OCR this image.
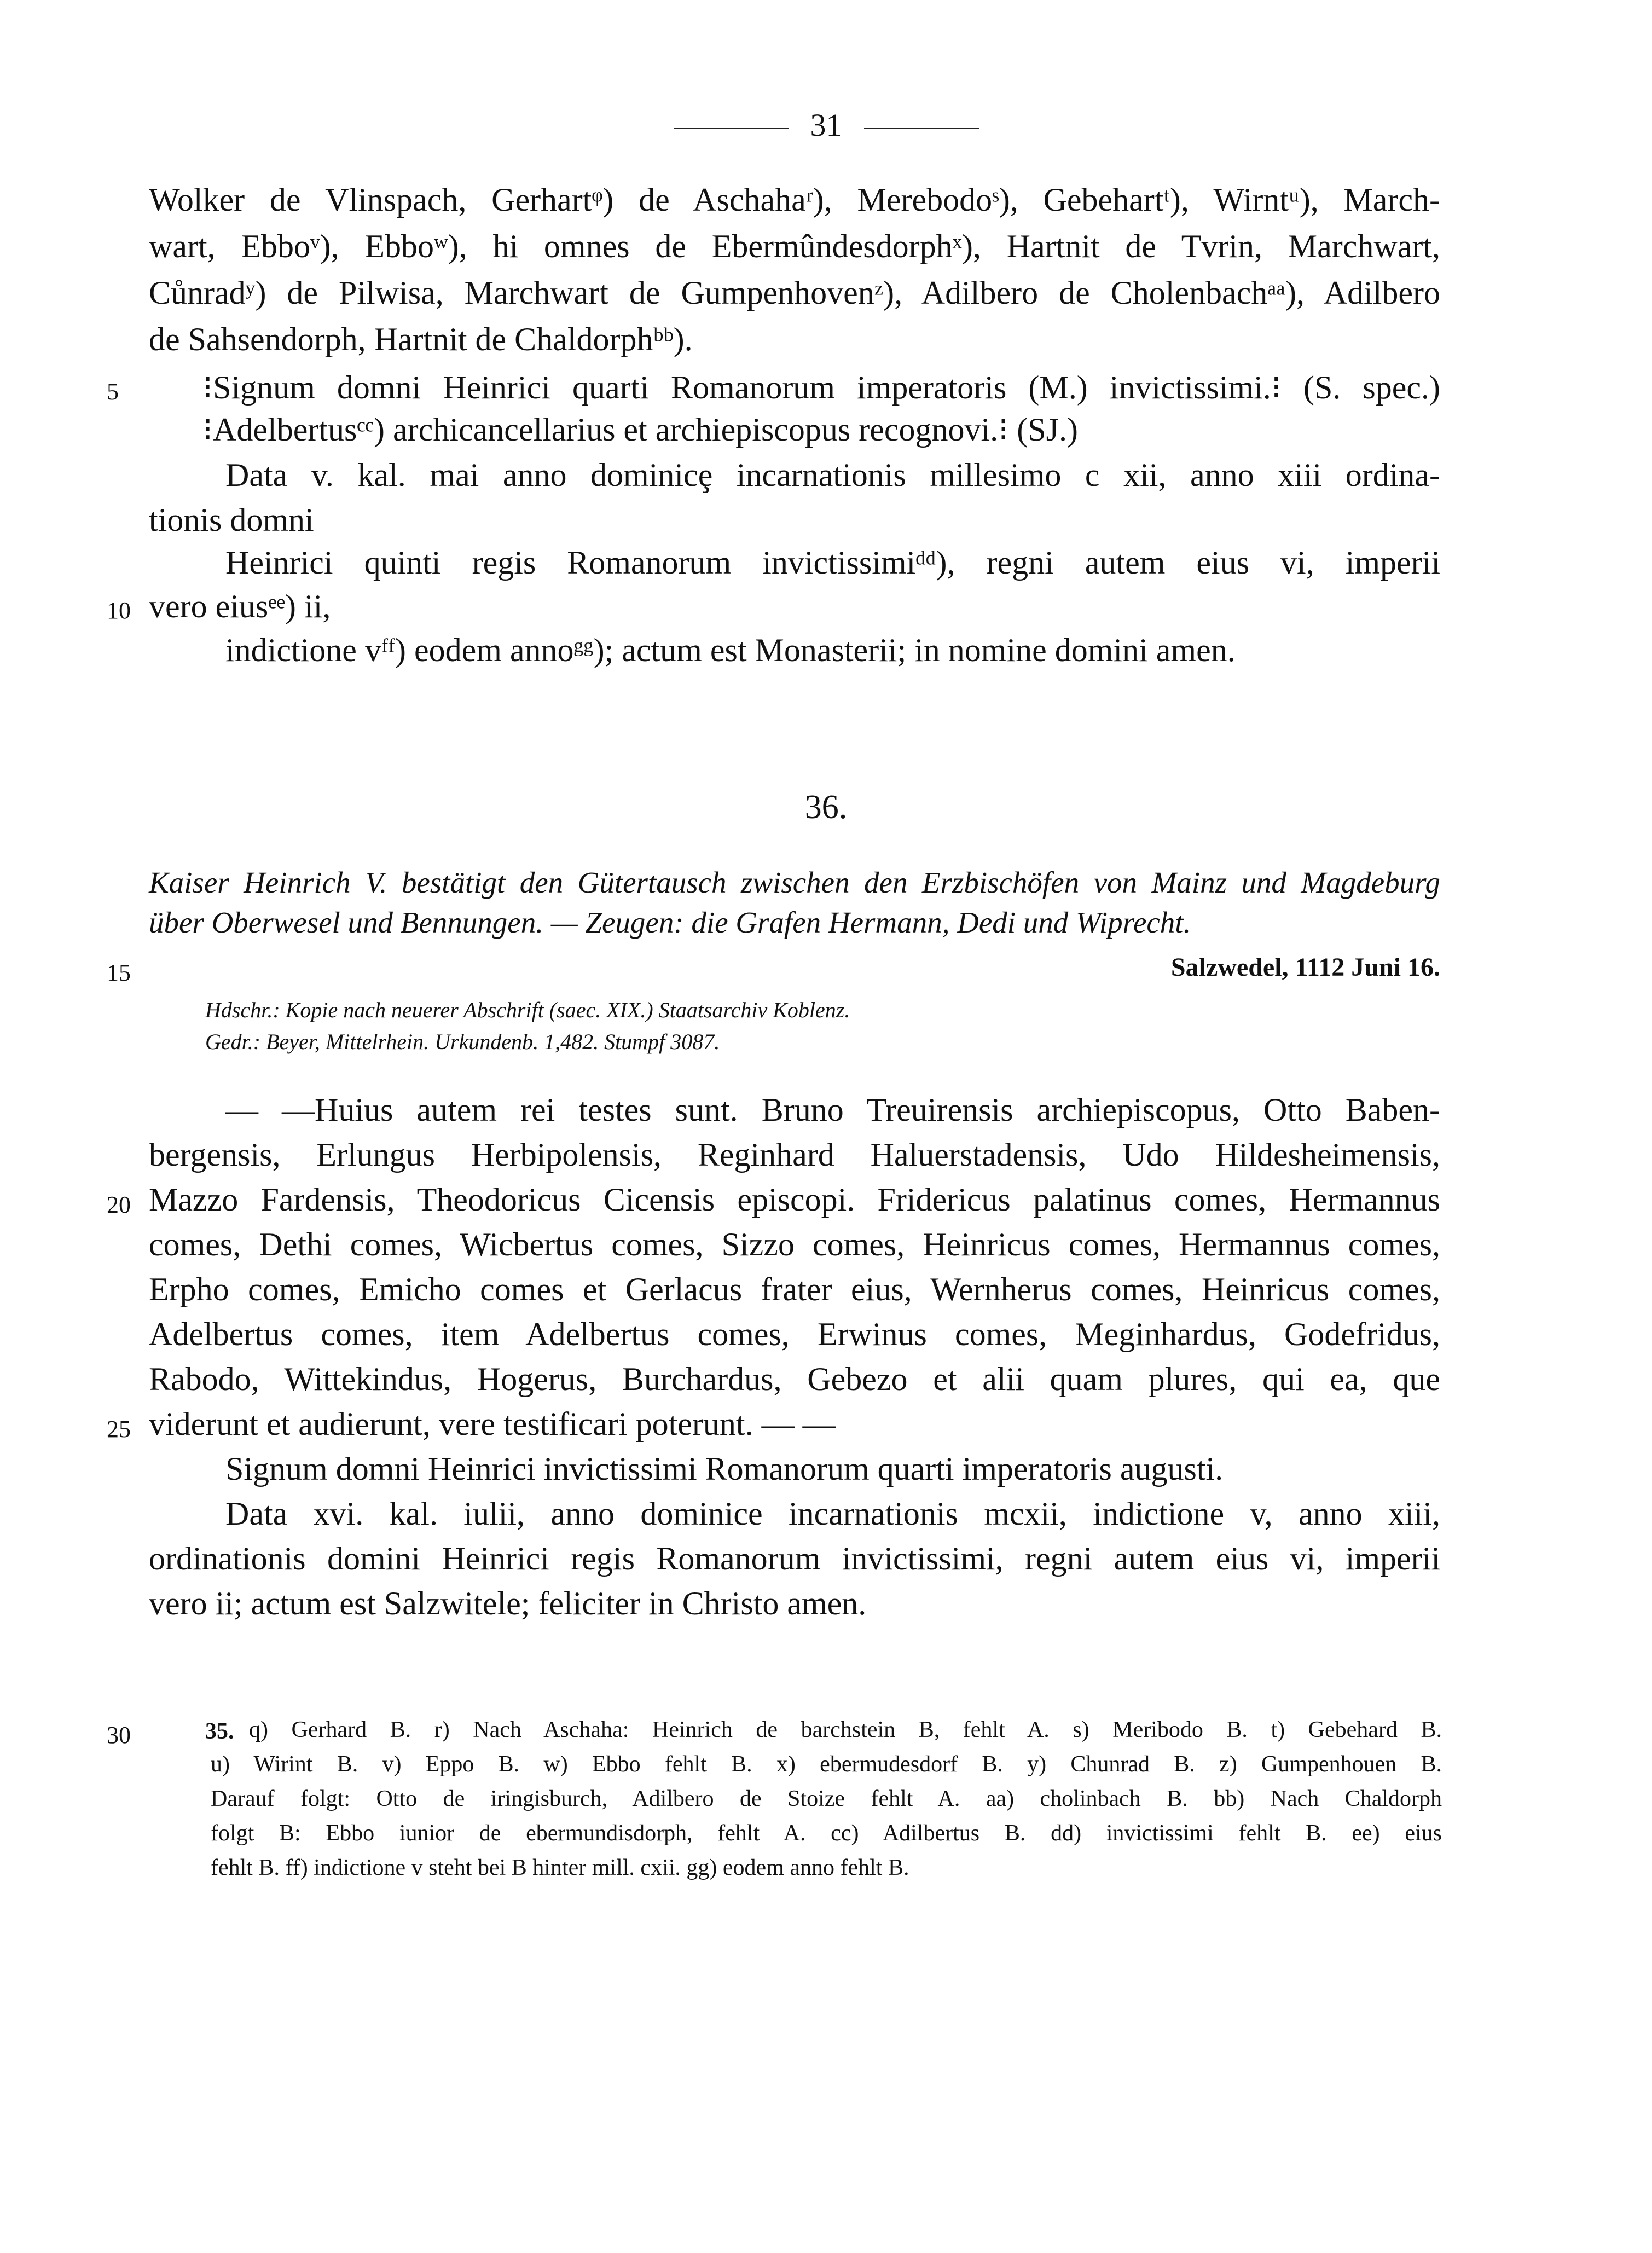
31
Wolker de Vlinspach, Gerhartᵠ) de Aschahaʳ), Merebodoˢ), Gebehartᵗ), Wirntᵘ), March-
wart, Ebboᵛ), Ebboʷ), hi omnes de Ebermûndesdorphˣ), Hartnit de Tvrin, Marchwart,
Cůnradʸ) de Pilwisa, Marchwart de Gumpenhovenᶻ), Adilbero de Cholenbachᵃᵃ), Adilbero
de Sahsendorph, Hartnit de Chaldorphᵇᵇ).
⁝Signum domni Heinrici quarti Romanorum imperatoris (M.) invictissimi.⁝ (S. spec.)
⁝Adelbertusᶜᶜ) archicancellarius et archiepiscopus recognovi.⁝ (SJ.)
Data v. kal. mai anno dominicȩ incarnationis millesimo c xii, anno xiii ordina-
tionis domni
Heinrici quinti regis Romanorum invictissimiᵈᵈ), regni autem eius vi, imperii
vero eiusᵉᵉ) ii,
indictione vᶠᶠ) eodem annoᵍᵍ); actum est Monasterii; in nomine domini amen.
5
10
36.
Kaiser Heinrich V. bestätigt den Gütertausch zwischen den Erzbischöfen von Mainz und Magdeburg
über Oberwesel und Bennungen. — Zeugen: die Grafen Hermann, Dedi und Wiprecht.
Salzwedel, 1112 Juni 16.
15
Hdschr.: Kopie nach neuerer Abschrift (saec. XIX.) Staatsarchiv Koblenz.
Gedr.: Beyer, Mittelrhein. Urkundenb. 1,482. Stumpf 3087.
— —Huius autem rei testes sunt. Bruno Treuirensis archiepiscopus, Otto Baben-
bergensis, Erlungus Herbipolensis, Reginhard Haluerstadensis, Udo Hildesheimensis,
Mazzo Fardensis, Theodoricus Cicensis episcopi. Fridericus palatinus comes, Hermannus
comes, Dethi comes, Wicbertus comes, Sizzo comes, Heinricus comes, Hermannus comes,
Erpho comes, Emicho comes et Gerlacus frater eius, Wernherus comes, Heinricus comes,
Adelbertus comes, item Adelbertus comes, Erwinus comes, Meginhardus, Godefridus,
Rabodo, Wittekindus, Hogerus, Burchardus, Gebezo et alii quam plures, qui ea, que
viderunt et audierunt, vere testificari poterunt. — —
Signum domni Heinrici invictissimi Romanorum quarti imperatoris augusti.
Data xvi. kal. iulii, anno dominice incarnationis mcxii, indictione v, anno xiii,
ordinationis domini Heinrici regis Romanorum invictissimi, regni autem eius vi, imperii
vero ii; actum est Salzwitele; feliciter in Christo amen.
20
25
30	35. q) Gerhard B. r) Nach Aschaha: Heinrich de barchstein B, fehlt A. s) Meribodo B. t) Gebehard B.
u) Wirint B. v) Eppo B. w) Ebbo fehlt B. x) ebermudesdorf B. y) Chunrad B. z) Gumpenhouen B.
Darauf folgt: Otto de iringisburch, Adilbero de Stoize fehlt A. aa) cholinbach B. bb) Nach Chaldorph
folgt B: Ebbo iunior de ebermundisdorph, fehlt A. cc) Adilbertus B. dd) invictissimi fehlt B. ee) eius
fehlt B. ff) indictione v steht bei B hinter mill. cxii. gg) eodem anno fehlt B.
